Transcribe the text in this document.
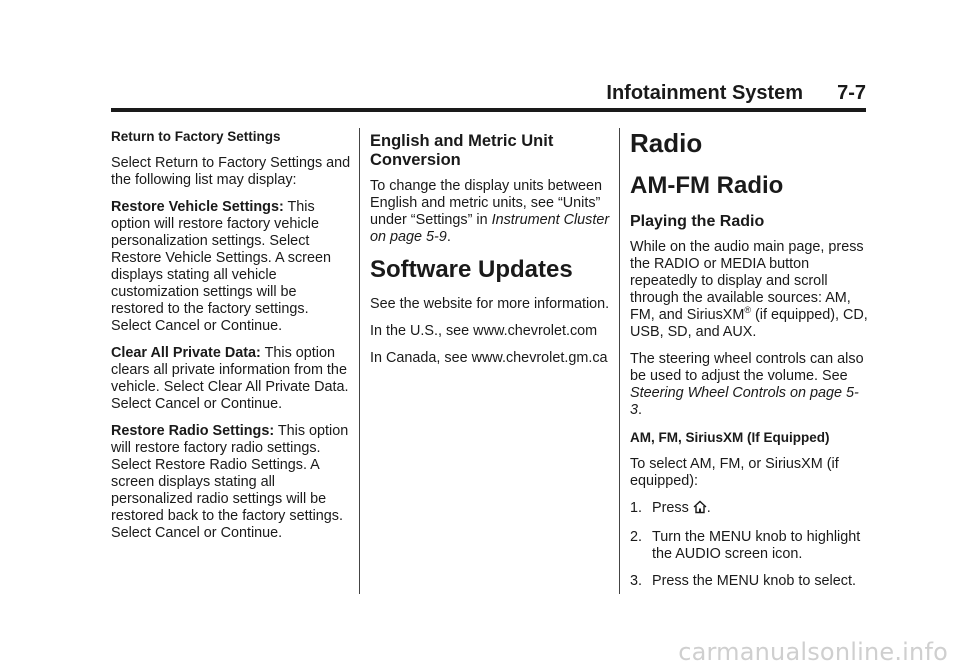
Infotainment System 7-7

Return to Factory Settings

Select Return to Factory Settings and the following list may display:

Restore Vehicle Settings: This option will restore factory vehicle personalization settings. Select Restore Vehicle Settings. A screen displays stating all vehicle customization settings will be restored to the factory settings. Select Cancel or Continue.

Clear All Private Data: This option clears all private information from the vehicle. Select Clear All Private Data. Select Cancel or Continue.

Restore Radio Settings: This option will restore factory radio settings. Select Restore Radio Settings. A screen displays stating all personalized radio settings will be restored back to the factory settings. Select Cancel or Continue.

English and Metric Unit Conversion

To change the display units between English and metric units, see “Units” under “Settings” in Instrument Cluster on page 5-9.

Software Updates

See the website for more information.

In the U.S., see www.chevrolet.com

In Canada, see www.chevrolet.gm.ca

Radio
AM-FM Radio
Playing the Radio

While on the audio main page, press the RADIO or MEDIA button repeatedly to display and scroll through the available sources: AM, FM, and SiriusXM® (if equipped), CD, USB, SD, and AUX.

The steering wheel controls can also be used to adjust the volume. See Steering Wheel Controls on page 5-3.

AM, FM, SiriusXM (If Equipped)

To select AM, FM, or SiriusXM (if equipped):

1. Press .
2. Turn the MENU knob to highlight the AUDIO screen icon.
3. Press the MENU knob to select.
carmanualsonline.info
